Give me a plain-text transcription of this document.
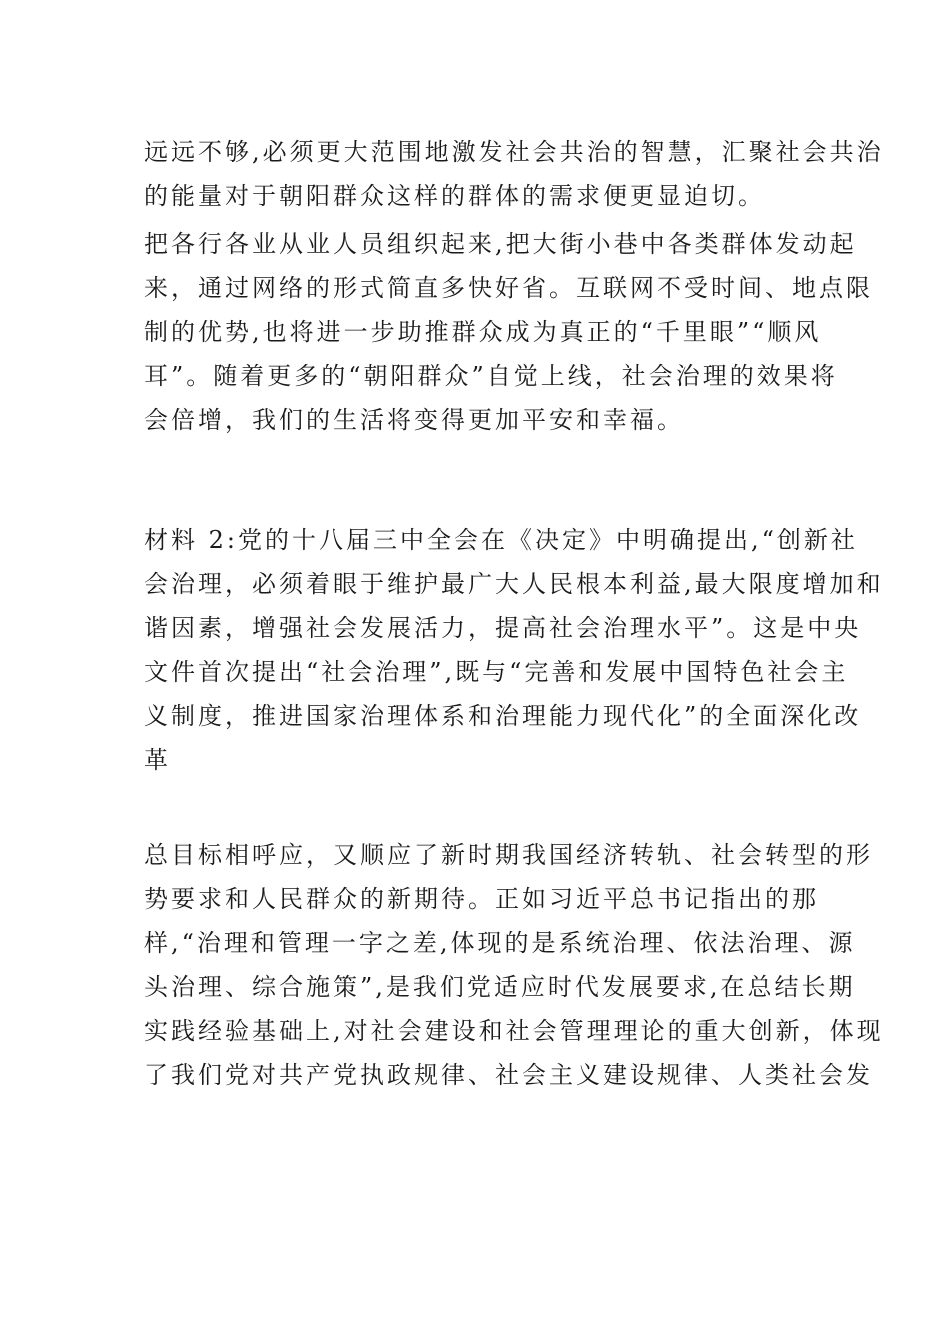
远远不够,必须更大范围地激发社会共治的智慧，汇聚社会共治
的能量对于朝阳群众这样的群体的需求便更显迫切。
把各行各业从业人员组织起来,把大街小巷中各类群体发动起
来，通过网络的形式简直多快好省。互联网不受时间、地点限
制的优势,也将进一步助推群众成为真正的“千里眼”“顺风
耳”。随着更多的“朝阳群众”自觉上线，社会治理的效果将
会倍增，我们的生活将变得更加平安和幸福。
材料 2:党的十八届三中全会在《决定》中明确提出,“创新社
会治理，必须着眼于维护最广大人民根本利益,最大限度增加和
谐因素，增强社会发展活力，提高社会治理水平”。这是中央
文件首次提出“社会治理”,既与“完善和发展中国特色社会主
义制度，推进国家治理体系和治理能力现代化”的全面深化改
革
总目标相呼应，又顺应了新时期我国经济转轨、社会转型的形
势要求和人民群众的新期待。正如习近平总书记指出的那
样,“治理和管理一字之差,体现的是系统治理、依法治理、源
头治理、综合施策”,是我们党适应时代发展要求,在总结长期
实践经验基础上,对社会建设和社会管理理论的重大创新，体现
了我们党对共产党执政规律、社会主义建设规律、人类社会发
